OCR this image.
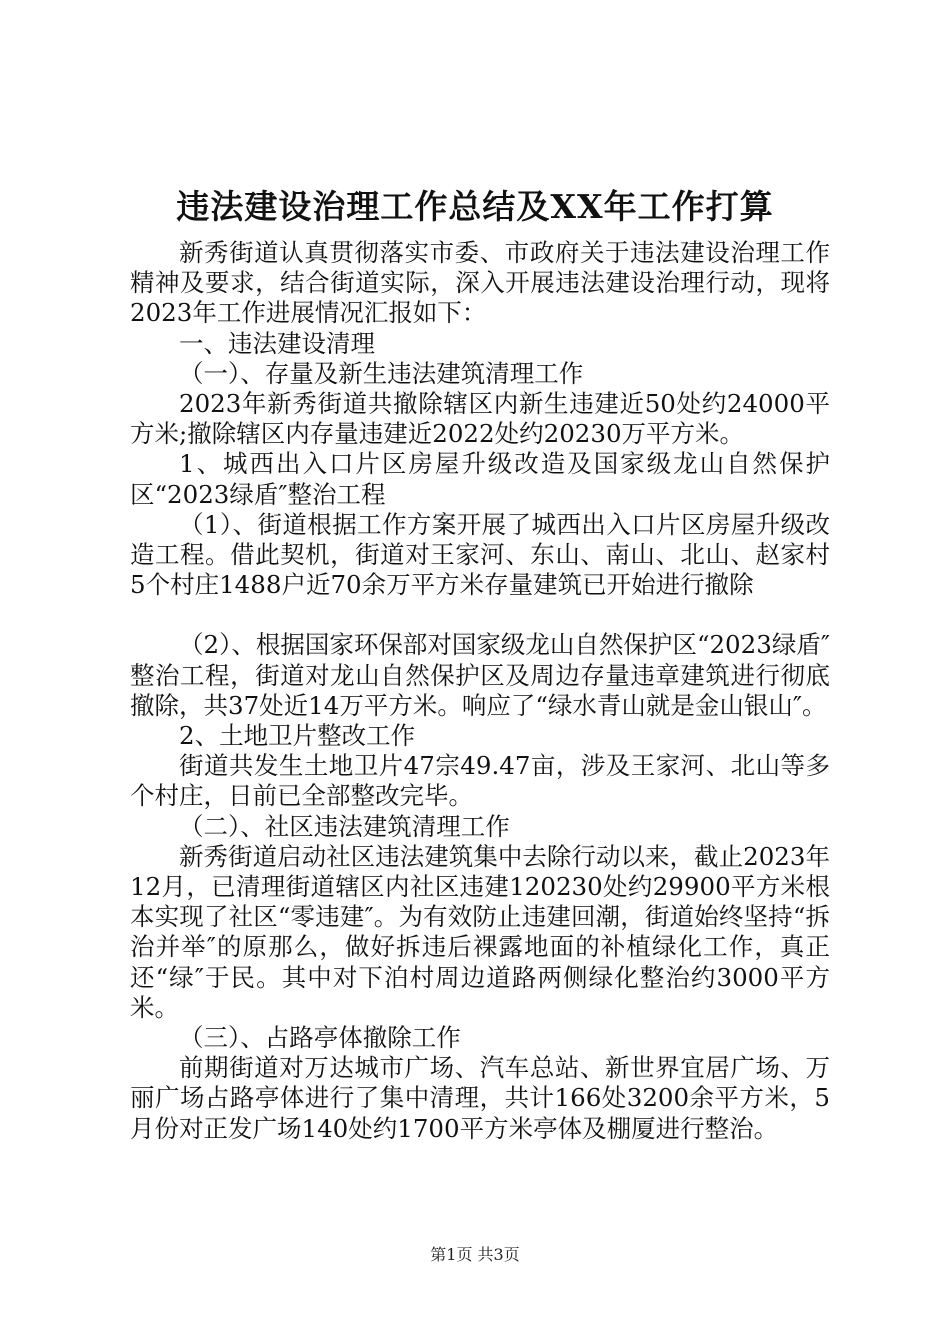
违法建设治理工作总结及XX年工作打算

新秀街道认真贯彻落实市委、市政府关于违法建设治理工作精神及要求，结合街道实际，深入开展违法建设治理行动，现将2023年工作进展情况汇报如下：

一、违法建设清理

（一）、存量及新生违法建筑清理工作

2023年新秀街道共撤除辖区内新生违建近50处约24000平方米;撤除辖区内存量违建近2022处约20230万平方米。

1、城西出入口片区房屋升级改造及国家级龙山自然保护区“2023绿盾″整治工程

（1）、街道根据工作方案开展了城西出入口片区房屋升级改造工程。借此契机，街道对王家河、东山、南山、北山、赵家村5个村庄1488户近70余万平方米存量建筑已开始进行撤除

（2）、根据国家环保部对国家级龙山自然保护区“2023绿盾″整治工程，街道对龙山自然保护区及周边存量违章建筑进行彻底撤除，共37处近14万平方米。响应了“绿水青山就是金山银山″。

2、土地卫片整改工作

街道共发生土地卫片47宗49.47亩，涉及王家河、北山等多个村庄，日前已全部整改完毕。

（二）、社区违法建筑清理工作

新秀街道启动社区违法建筑集中去除行动以来，截止2023年12月，已清理街道辖区内社区违建120230处约29900平方米根本实现了社区“零违建″。为有效防止违建回潮，街道始终坚持“拆治并举″的原那么，做好拆违后裸露地面的补植绿化工作，真正还“绿″于民。其中对下泊村周边道路两侧绿化整治约3000平方米。

（三）、占路亭体撤除工作

前期街道对万达城市广场、汽车总站、新世界宜居广场、万丽广场占路亭体进行了集中清理，共计166处3200余平方米，5月份对正发广场140处约1700平方米亭体及棚厦进行整治。

第1页 共3页
